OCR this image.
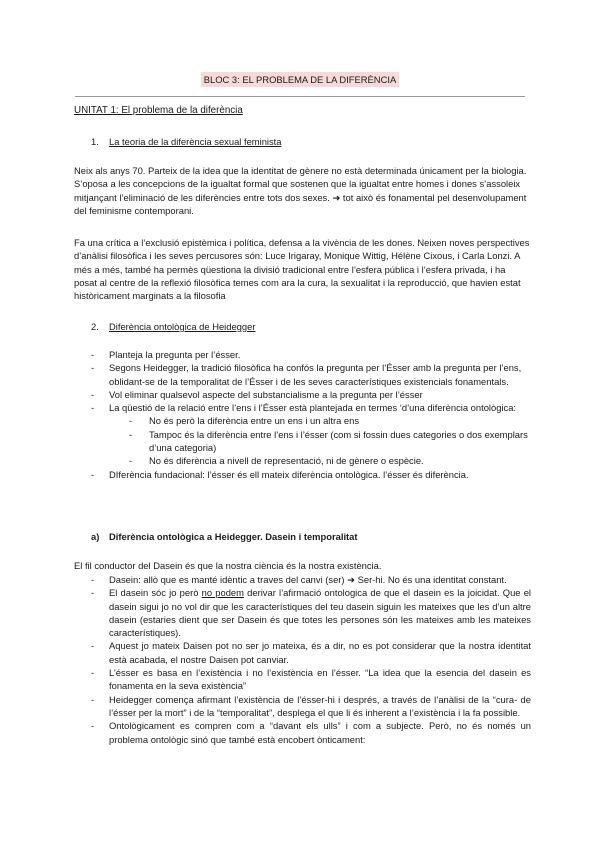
BLOC 3: EL PROBLEMA DE LA DIFERÈNCIA
UNITAT 1: El problema de la diferència
1. La teoria de la diferència sexual feminista

Neix als anys 70. Parteix de la idea que la identitat de gènere no està determinada únicament per la biologia. S’oposa a les concepcions de la igualtat formal que sostenen que la igualtat entre homes i dones s’assoleix mitjançant l’eliminació de les diferències entre tots dos sexes. ➜ tot això és fonamental pel desenvolupament del feminisme contemporani.

Fa una crítica a l’exclusió epistèmica i política, defensa a la vivència de les dones. Neixen noves perspectives d’anàlisi filosòfica i les seves percusores són: Luce Irigaray, Monique Wittig, Hélène Cixous, i Carla Lonzi. A més a més, també ha permès qüestiona la divisió tradicional entre l’esfera pública i l’esfera privada, i ha posat al centre de la reflexió filosòfica temes com ara la cura, la sexualitat i la reproducció, que havien estat històricament marginats a la filosofia

2. Diferència ontològica de Heidegger
- Planteja la pregunta per l’ésser.
- Segons Heidegger, la tradició filosòfica ha confós la pregunta per l’Ésser amb la pregunta per l’ens, oblidant-se de la temporalitat de l’Ésser i de les seves característiques existencials fonamentals.
- Vol eliminar qualsevol aspecte del substancialisme a la pregunta per l’ésser
- La qüestió de la relació entre l’ens i l’Ésser està plantejada en termes ‘d’una diferència ontològica:
- No és però la diferència entre un ens i un altra ens
- Tampoc és la diferència entre l’ens i l’ésser (com si fossin dues categories o dos exemplars d’una categoria)
- No és diferència a nivell de representació, ni de gènere o espècie.
- DIferència fundacional: l’ésser és ell mateix diferència ontològica. l’ésser és diferència.
a) Diferència ontològica a Heidegger. Dasein i temporalitat

El fil conductor del Dasein és que la nostra ciència és la nostra existència.

- Dasein: allò que es manté idèntic a traves del canvi (ser) ➜ Ser-hi. No és una identitat constant.
- El dasein sóc jo però no podem derivar l’afirmació ontologica de que el dasein es la joicidat. Que el dasein sigui jo no vol dir que les característiques del teu dasein siguin les mateixes que les d’un altre dasein (estaries dient que ser Dasein és que totes les persones són les mateixes amb les mateixes característiques).
- Aquest jo mateix Daisen pot no ser jo mateixa, és a dir, no es pot considerar que la nostra identitat està acabada, el nostre Daisen pot canviar.
- L’ésser es basa en l’existència i no l’existència en l’ésser. “La idea que la esencia del dasein es fonamenta en la seva existència”
- Heidegger comença afirmant l’existència de l’ésser-hi i després, a través de l’anàlisi de la “cura- de l’ésser per la mort” i de la “temporalitat”, desplega el que li és inherent a l’existència i la fa possible.
- Ontològicament es compren com a “davant els ulls” i com a subjecte. Però, no és només un problema ontològic sinó que també està encobert ònticament:
